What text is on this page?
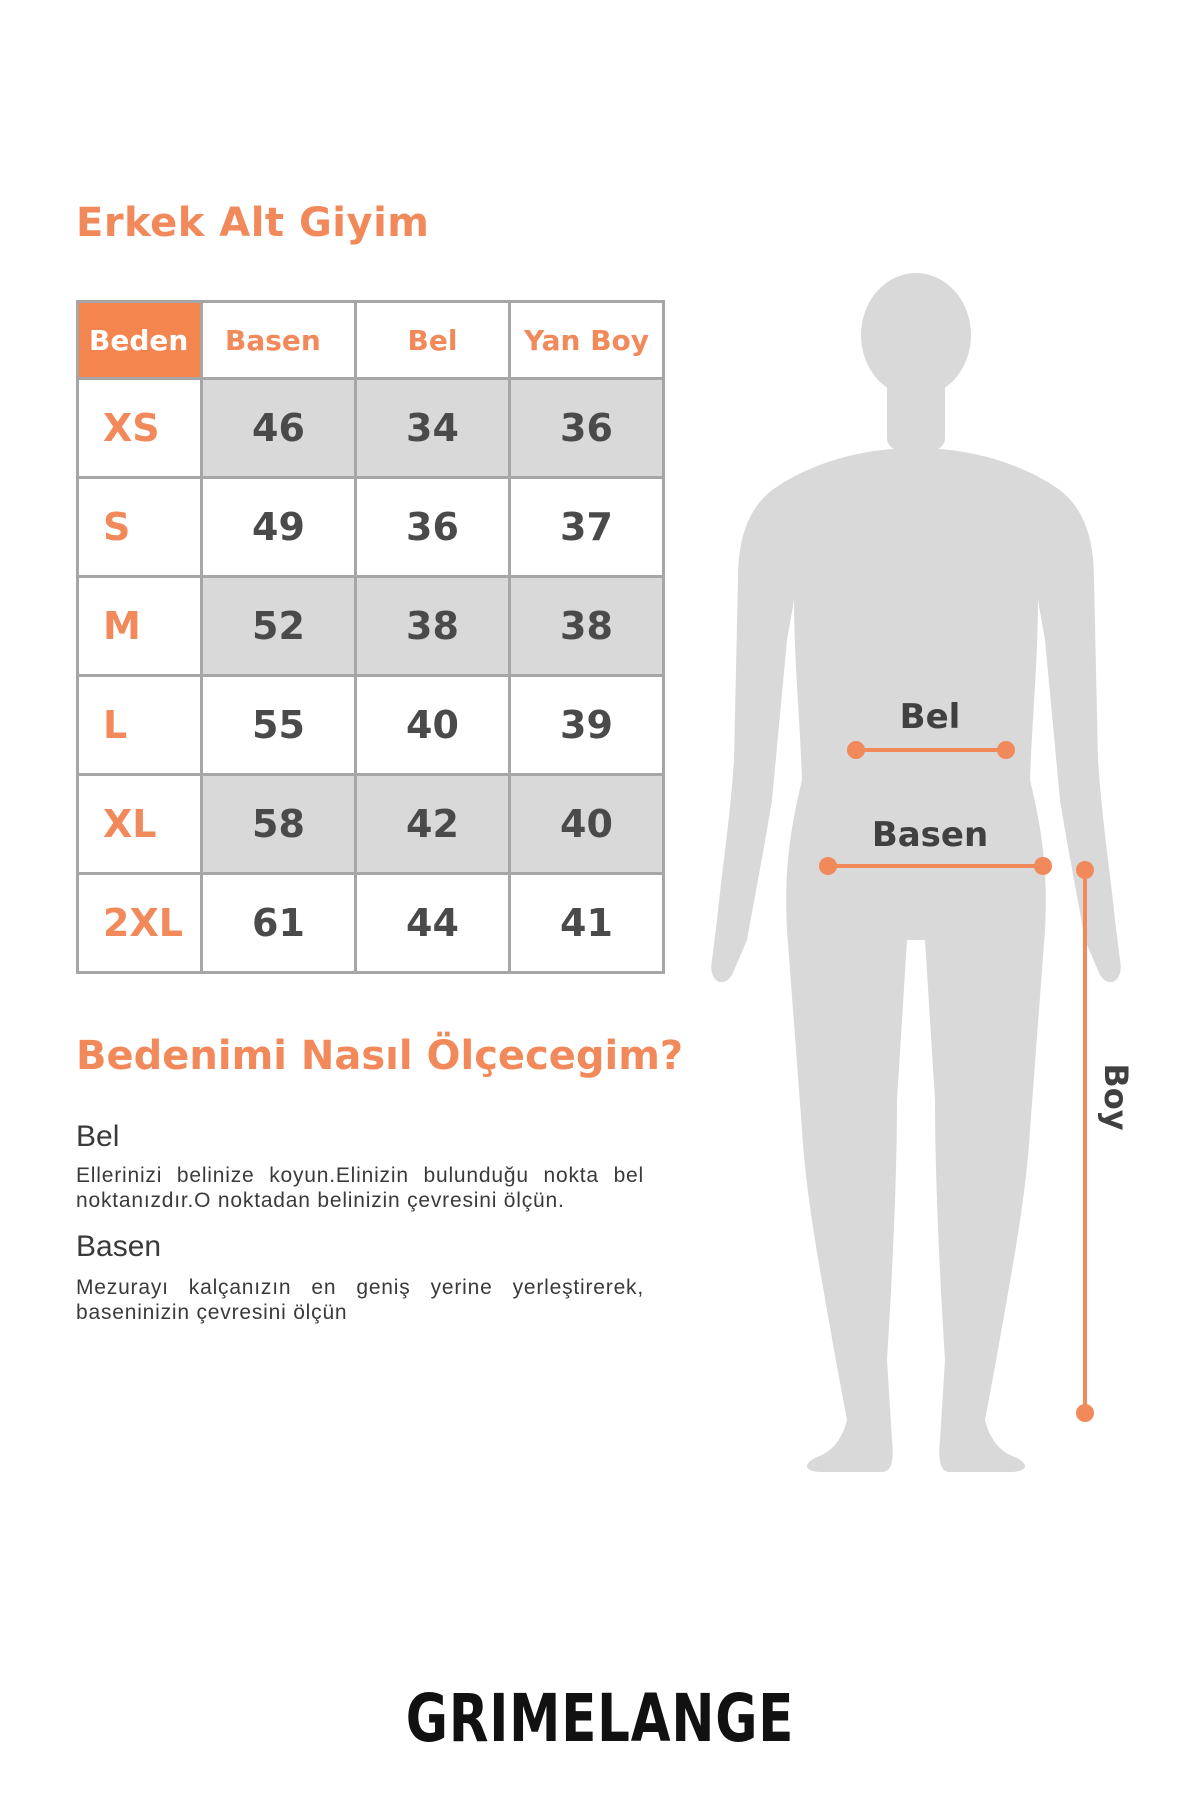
Erkek Alt Giyim
Beden	Basen	Bel	Yan Boy
XS	46	34	36
S	49	36	37
M	52	38	38
L	55	40	39
XL	58	42	40
2XL	61	44	41
Bedenimi Nasıl Ölçecegim?
Bel
Ellerinizi belinize koyun.Elinizin bulunduğu nokta bel noktanızdır.O noktadan belinizin çevresini ölçün.
Basen
Mezurayı kalçanızın en geniş yerine yerleştirerek, baseninizin çevresini ölçün
Bel
Basen
Boy
GRIMELANGE
